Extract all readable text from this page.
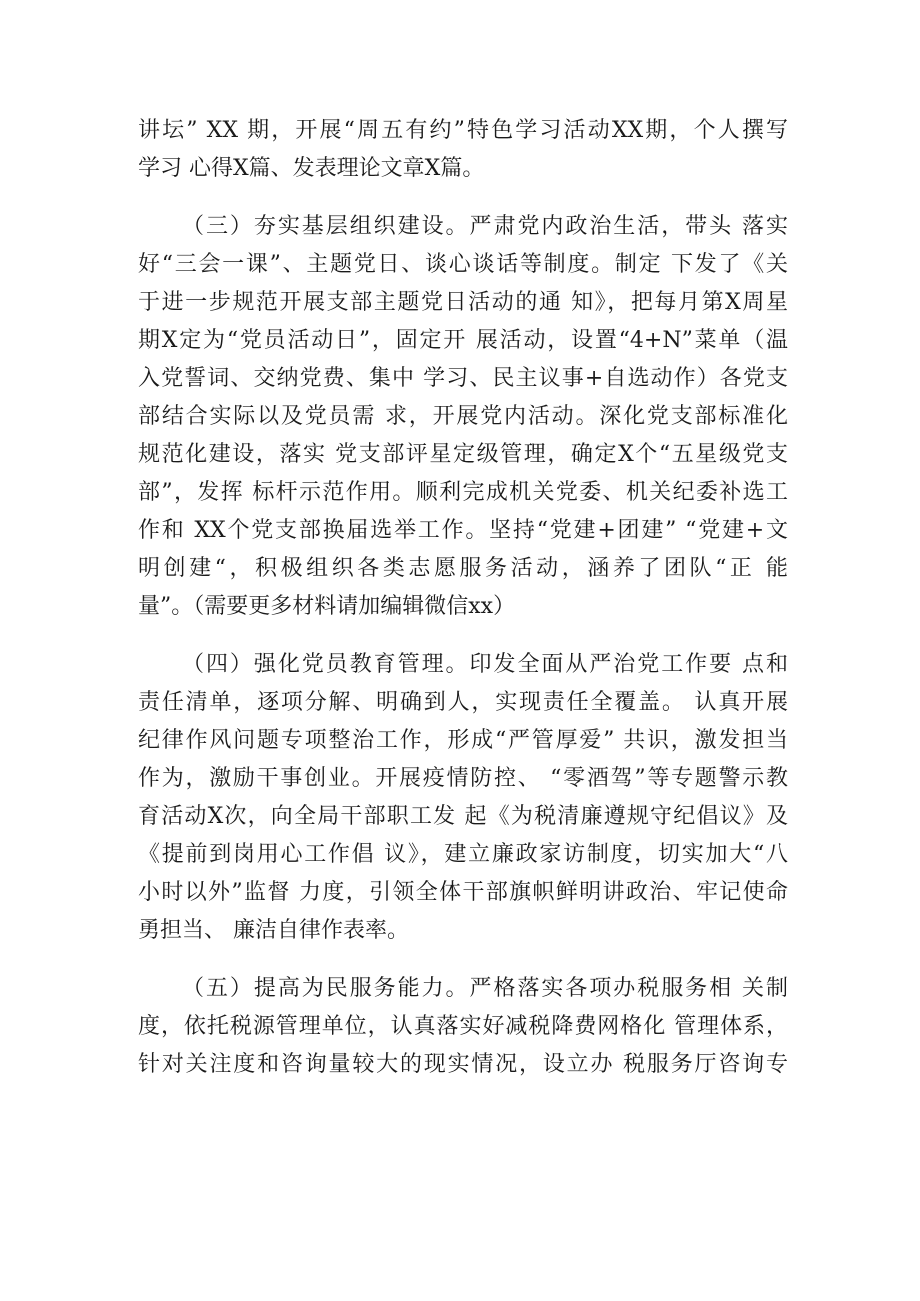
讲坛” XX 期，开展“周五有约”特色学习活动XX期，个人撰写
学习 心得X篇、发表理论文章X篇。
（三）夯实基层组织建设。严肃党内政治生活，带头 落实
好“三会一课”、主题党日、谈心谈话等制度。制定 下发了《关
于进一步规范开展支部主题党日活动的通 知》，把每月第X周星
期X定为“党员活动日”，固定开 展活动，设置“4+N”菜单（温
入党誓词、交纳党费、集中 学习、民主议事+自选动作）各党支
部结合实际以及党员需 求，开展党内活动。深化党支部标准化
规范化建设，落实 党支部评星定级管理，确定X个“五星级党支
部”，发挥 标杆示范作用。顺利完成机关党委、机关纪委补选工
作和 XX个党支部换届选举工作。坚持“党建+团建” “党建+文
明创建“，积极组织各类志愿服务活动，涵养了团队“正 能
量”。（需要更多材料请加编辑微信xx）
（四）强化党员教育管理。印发全面从严治党工作要 点和
责任清单，逐项分解、明确到人，实现责任全覆盖。 认真开展
纪律作风问题专项整治工作，形成“严管厚爱” 共识，激发担当
作为，激励干事创业。开展疫情防控、 “零酒驾”等专题警示教
育活动X次，向全局干部职工发 起《为税清廉遵规守纪倡议》及
《提前到岗用心工作倡 议》，建立廉政家访制度，切实加大“八
小时以外”监督 力度，引领全体干部旗帜鲜明讲政治、牢记使命
勇担当、 廉洁自律作表率。
（五）提高为民服务能力。严格落实各项办税服务相 关制
度，依托税源管理单位，认真落实好减税降费网格化 管理体系，
针对关注度和咨询量较大的现实情况，设立办 税服务厅咨询专
